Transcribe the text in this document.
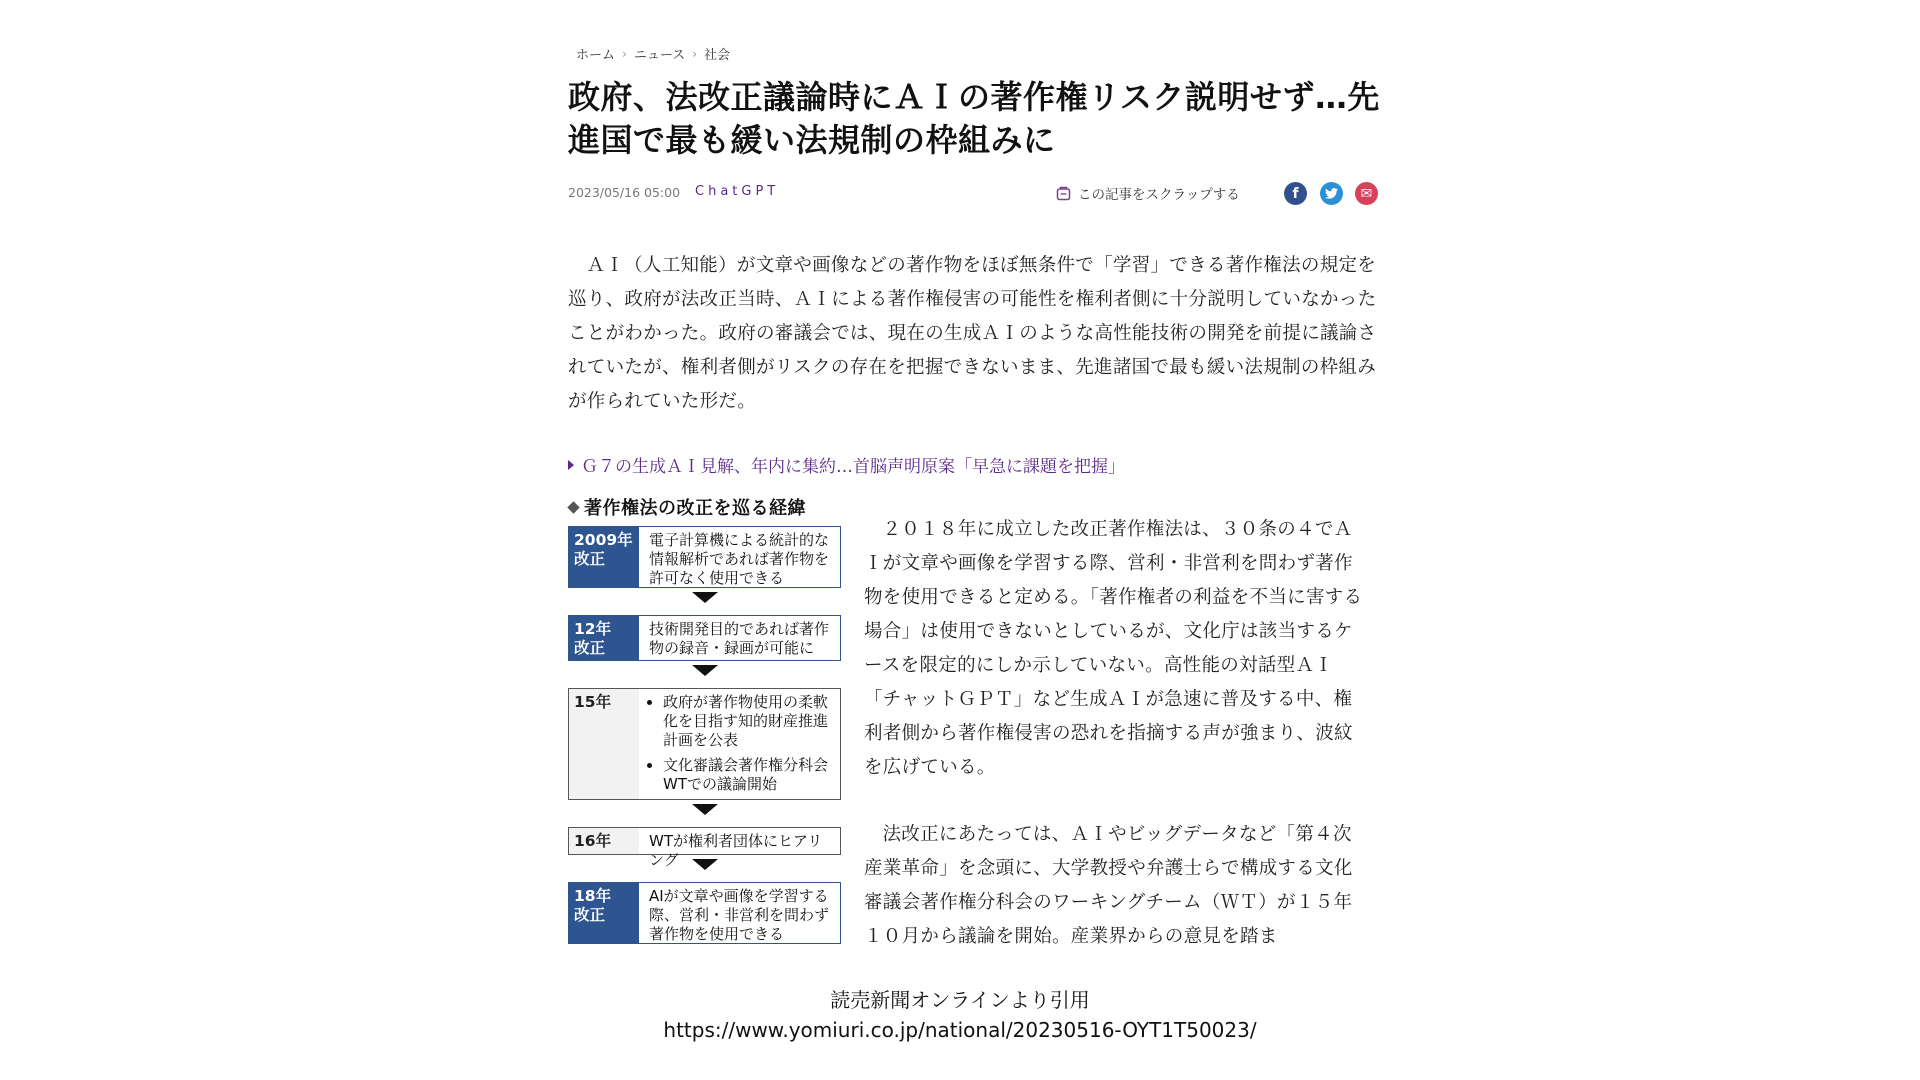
ホーム › ニュース › 社会
政府、法改正議論時にＡＩの著作権リスク説明せず…先進国で最も緩い法規制の枠組みに
2023/05/16 05:00 ChatGPT	この記事をスクラップする	f	✉

ＡＩ（人工知能）が文章や画像などの著作物をほぼ無条件で「学習」できる著作権法の規定を巡り、政府が法改正当時、ＡＩによる著作権侵害の可能性を権利者側に十分説明していなかったことがわかった。政府の審議会では、現在の生成ＡＩのような高性能技術の開発を前提に議論されていたが、権利者側がリスクの存在を把握できないまま、先進諸国で最も緩い法規制の枠組みが作られていた形だ。

Ｇ７の生成ＡＩ見解、年内に集約…首脳声明原案「早急に課題を把握」
著作権法の改正を巡る経緯
2009年
改正
電子計算機による統計的な情報解析であれば著作物を許可なく使用できる
12年
改正
技術開発目的であれば著作物の録音・録画が可能に
15年
•	政府が著作物使用の柔軟化を目指す知的財産推進計画を公表
• 文化審議会著作権分科会WTでの議論開始
16年	WTが権利者団体にヒアリング
18年
改正
AIが文章や画像を学習する際、営利・非営利を問わず著作物を使用できる

２０１８年に成立した改正著作権法は、３０条の４でＡＩが文章や画像を学習する際、営利・非営利を問わず著作物を使用できると定める。「著作権者の利益を不当に害する場合」は使用できないとしているが、文化庁は該当するケースを限定的にしか示していない。高性能の対話型ＡＩ「チャットＧＰＴ」など生成ＡＩが急速に普及する中、権利者側から著作権侵害の恐れを指摘する声が強まり、波紋を広げている。

法改正にあたっては、ＡＩやビッグデータなど「第４次産業革命」を念頭に、大学教授や弁護士らで構成する文化審議会著作権分科会のワーキングチーム（ＷＴ）が１５年１０月から議論を開始。産業界からの意見を踏ま

読売新聞オンラインより引用
https://www.yomiuri.co.jp/national/20230516-OYT1T50023/
